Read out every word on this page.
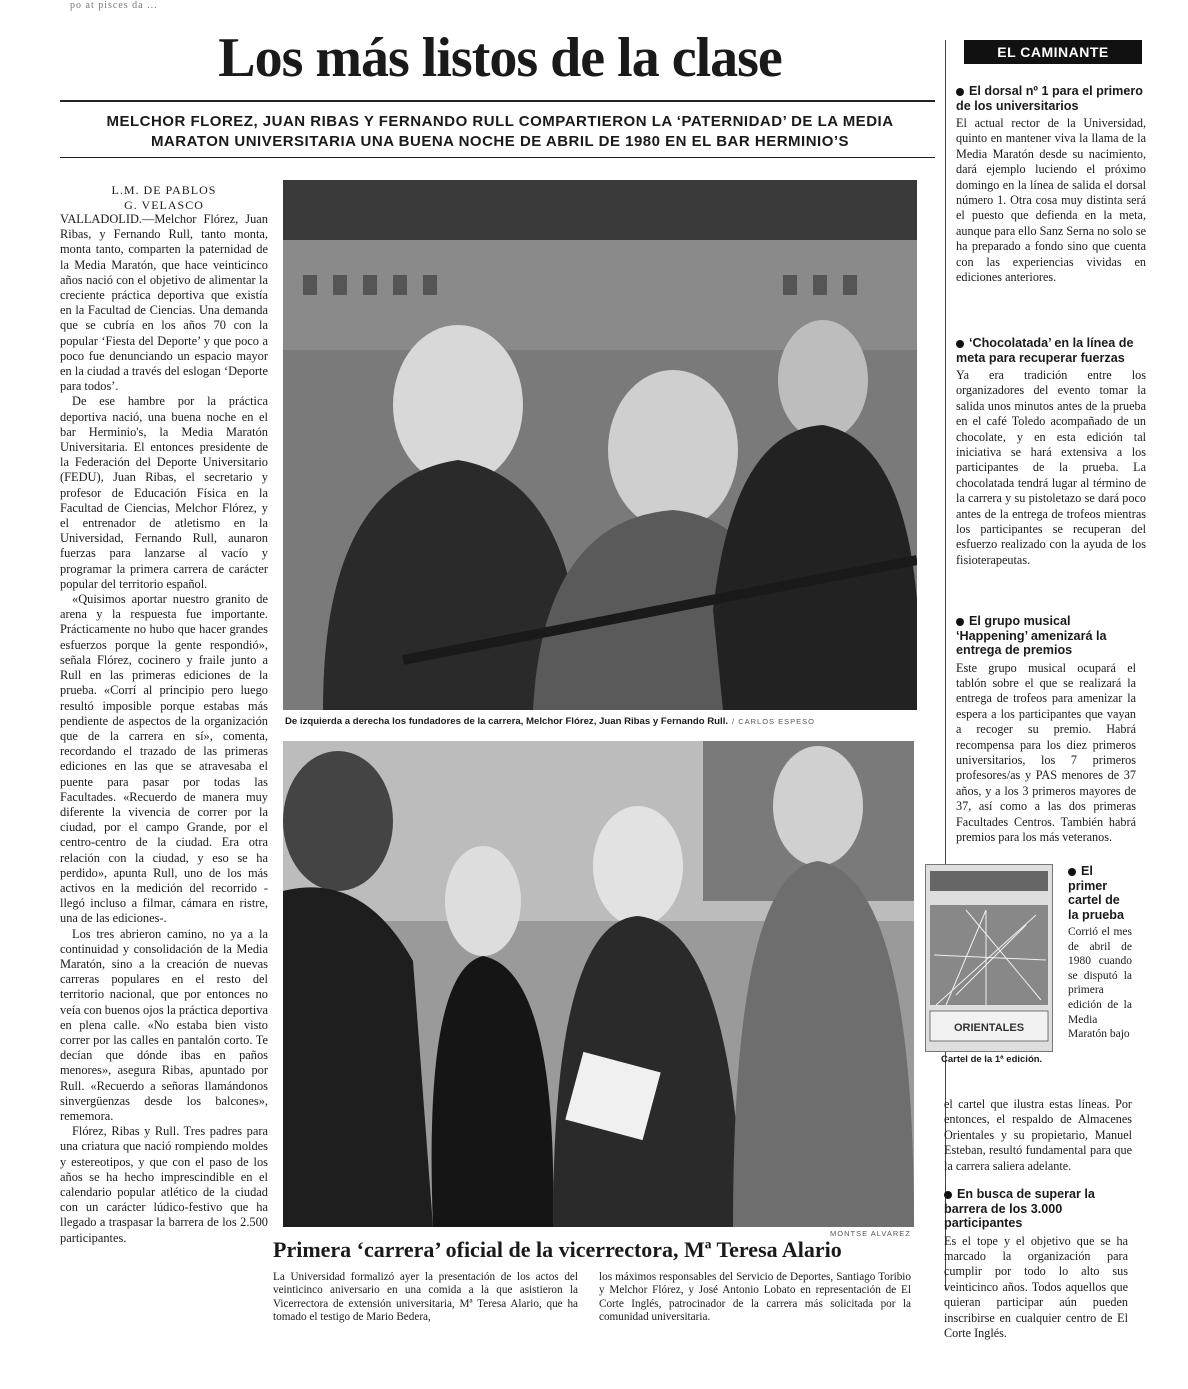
po at pisces da ...
Los más listos de la clase
MELCHOR FLOREZ, JUAN RIBAS Y FERNANDO RULL COMPARTIERON LA ‘PATERNIDAD’ DE LA MEDIA
MARATON UNIVERSITARIA UNA BUENA NOCHE DE ABRIL DE 1980 EN EL BAR HERMINIO’S
L.M. DE PABLOS
G. VELASCO

VALLADOLID.—Melchor Flórez, Juan Ribas, y Fernando Rull, tanto monta, monta tanto, comparten la paternidad de la Media Maratón, que hace veinticinco años nació con el objetivo de alimentar la creciente práctica deportiva que existía en la Facultad de Ciencias. Una demanda que se cubría en los años 70 con la popular ‘Fiesta del Deporte’ y que poco a poco fue denunciando un espacio mayor en la ciudad a través del eslogan ‘Deporte para todos’.

De ese hambre por la práctica deportiva nació, una buena noche en el bar Herminio's, la Media Maratón Universitaria. El entonces presidente de la Federación del Deporte Universitario (FEDU), Juan Ribas, el secretario y profesor de Educación Física en la Facultad de Ciencias, Melchor Flórez, y el entrenador de atletismo en la Universidad, Fernando Rull, aunaron fuerzas para lanzarse al vacío y programar la primera carrera de carácter popular del territorio español.

«Quisimos aportar nuestro granito de arena y la respuesta fue importante. Prácticamente no hubo que hacer grandes esfuerzos porque la gente respondió», señala Flórez, cocinero y fraile junto a Rull en las primeras ediciones de la prueba. «Corrí al principio pero luego resultó imposible porque estabas más pendiente de aspectos de la organización que de la carrera en sí», comenta, recordando el trazado de las primeras ediciones en las que se atravesaba el puente para pasar por todas las Facultades. «Recuerdo de manera muy diferente la vivencia de correr por la ciudad, por el campo Grande, por el centro-centro de la ciudad. Era otra relación con la ciudad, y eso se ha perdido», apunta Rull, uno de los más activos en la medición del recorrido -llegó incluso a filmar, cámara en ristre, una de las ediciones-.

Los tres abrieron camino, no ya a la continuidad y consolidación de la Media Maratón, sino a la creación de nuevas carreras populares en el resto del territorio nacional, que por entonces no veía con buenos ojos la práctica deportiva en plena calle. «No estaba bien visto correr por las calles en pantalón corto. Te decían que dónde ibas en paños menores», asegura Ribas, apuntado por Rull. «Recuerdo a señoras llamándonos sinvergüenzas desde los balcones», rememora.

Flórez, Ribas y Rull. Tres padres para una criatura que nació rompiendo moldes y estereotipos, y que con el paso de los años se ha hecho imprescindible en el calendario popular atlético de la ciudad con un carácter lúdico-festivo que ha llegado a traspasar la barrera de los 2.500 participantes.

De izquierda a derecha los fundadores de la carrera, Melchor Flórez, Juan Ribas y Fernando Rull. / CARLOS ESPESO
MONTSE ALVAREZ
Primera ‘carrera’ oficial de la vicerrectora, Mª Teresa Alario
La Universidad formalizó ayer la presentación de los actos del veinticinco aniversario en una comida a la que asistieron la Vicerrectora de extensión universitaria, Mª Teresa Alario, que ha tomado el testigo de Mario Bedera,
los máximos responsables del Servicio de Deportes, Santiago Toribio y Melchor Flórez, y José Antonio Lobato en representación de El Corte Inglés, patrocinador de la carrera más solicitada por la comunidad universitaria.
EL CAMINANTE
El dorsal nº 1 para el primero de los universitarios
El actual rector de la Universidad, quinto en mantener viva la llama de la Media Maratón desde su nacimiento, dará ejemplo luciendo el próximo domingo en la línea de salida el dorsal número 1. Otra cosa muy distinta será el puesto que defienda en la meta, aunque para ello Sanz Serna no solo se ha preparado a fondo sino que cuenta con las experiencias vividas en ediciones anteriores.
‘Chocolatada’ en la línea de meta para recuperar fuerzas
Ya era tradición entre los organizadores del evento tomar la salida unos minutos antes de la prueba en el café Toledo acompañado de un chocolate, y en esta edición tal iniciativa se hará extensiva a los participantes de la prueba. La chocolatada tendrá lugar al término de la carrera y su pistoletazo se dará poco antes de la entrega de trofeos mientras los participantes se recuperan del esfuerzo realizado con la ayuda de los fisioterapeutas.
El grupo musical ‘Happening’ amenizará la entrega de premios
Este grupo musical ocupará el tablón sobre el que se realizará la entrega de trofeos para amenizar la espera a los participantes que vayan a recoger su premio. Habrá recompensa para los diez primeros universitarios, los 7 primeros profesores/as y PAS menores de 37 años, y a los 3 primeros mayores de 37, así como a las dos primeras Facultades Centros. También habrá premios para los más veteranos.
ORIENTALES
Cartel de la 1ª edición.
El primer cartel de la prueba
Corrió el mes de abril de 1980 cuando se disputó la primera edición de la Media Maratón bajo
el cartel que ilustra estas líneas. Por entonces, el respaldo de Almacenes Orientales y su propietario, Manuel Esteban, resultó fundamental para que la carrera saliera adelante.
En busca de superar la barrera de los 3.000 participantes
Es el tope y el objetivo que se ha marcado la organización para cumplir por todo lo alto sus veinticinco años. Todos aquellos que quieran participar aún pueden inscribirse en cualquier centro de El Corte Inglés.
